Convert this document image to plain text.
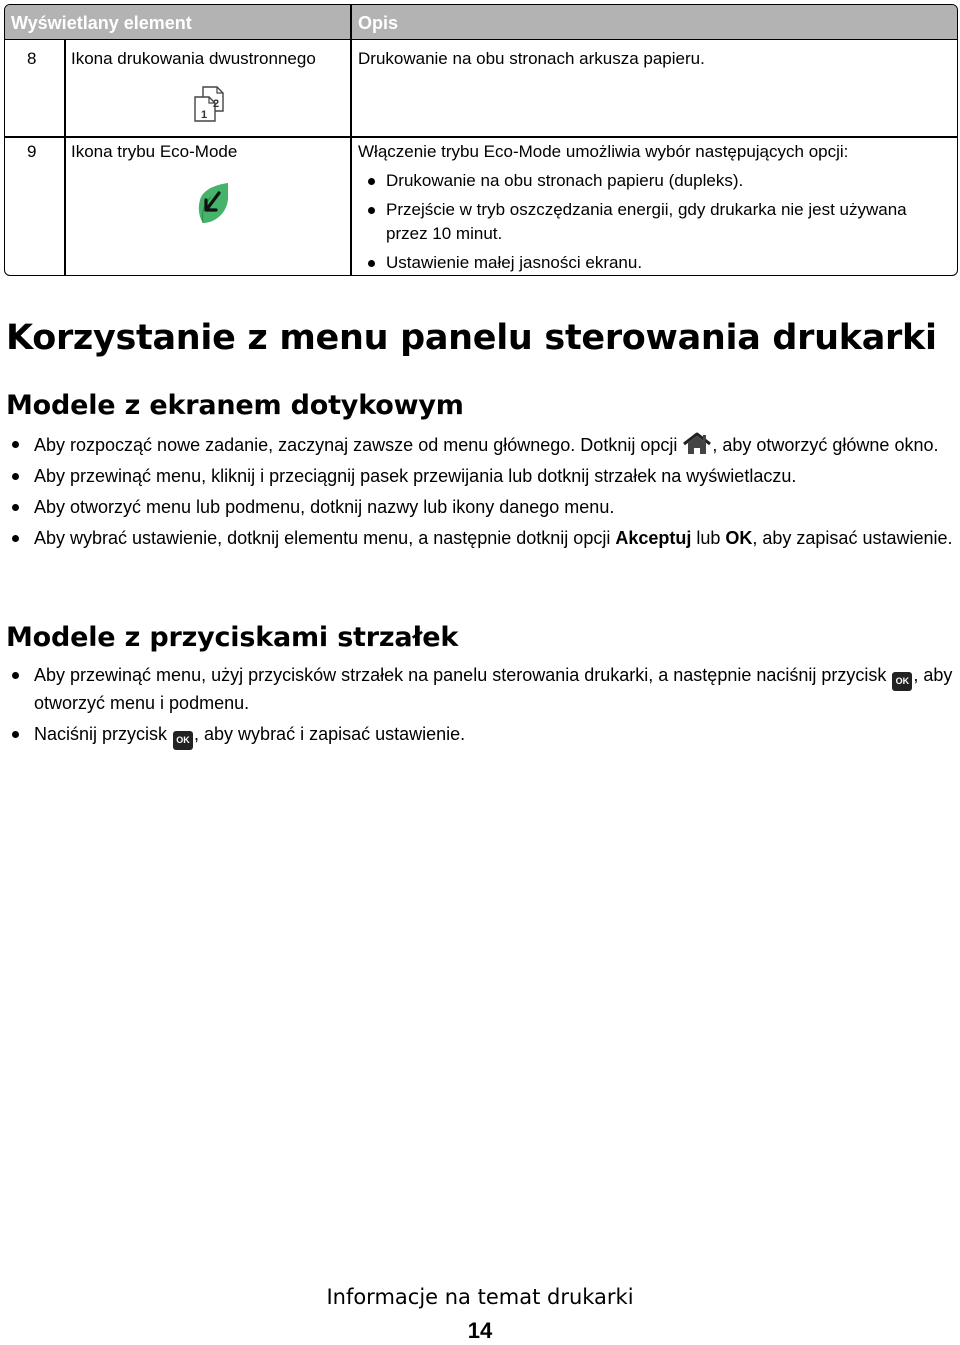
Wyświetlany element	Opis
8 Ikona drukowania dwustronnego Drukowanie na obu stronach arkusza papieru.
1
2
9 Ikona trybu Eco-Mode	Włączenie trybu Eco-Mode umożliwia wybór następujących opcji:
Drukowanie na obu stronach papieru (dupleks).
Przejście w tryb oszczędzania energii, gdy drukarka nie jest używana przez 10 minut.
Ustawienie małej jasności ekranu.
Korzystanie z menu panelu sterowania drukarki
Modele z ekranem dotykowym
Aby rozpocząć nowe zadanie, zaczynaj zawsze od menu głównego. Dotknij opcji , aby otworzyć główne okno.
Aby przewinąć menu, kliknij i przeciągnij pasek przewijania lub dotknij strzałek na wyświetlaczu.
Aby otworzyć menu lub podmenu, dotknij nazwy lub ikony danego menu.
Aby wybrać ustawienie, dotknij elementu menu, a następnie dotknij opcji Akceptuj lub OK, aby zapisać ustawienie.
Modele z przyciskami strzałek
Aby przewinąć menu, użyj przycisków strzałek na panelu sterowania drukarki, a następnie naciśnij przycisk OK , aby otworzyć menu i podmenu.
Naciśnij przycisk OK , aby wybrać i zapisać ustawienie.
Informacje na temat drukarki
14
